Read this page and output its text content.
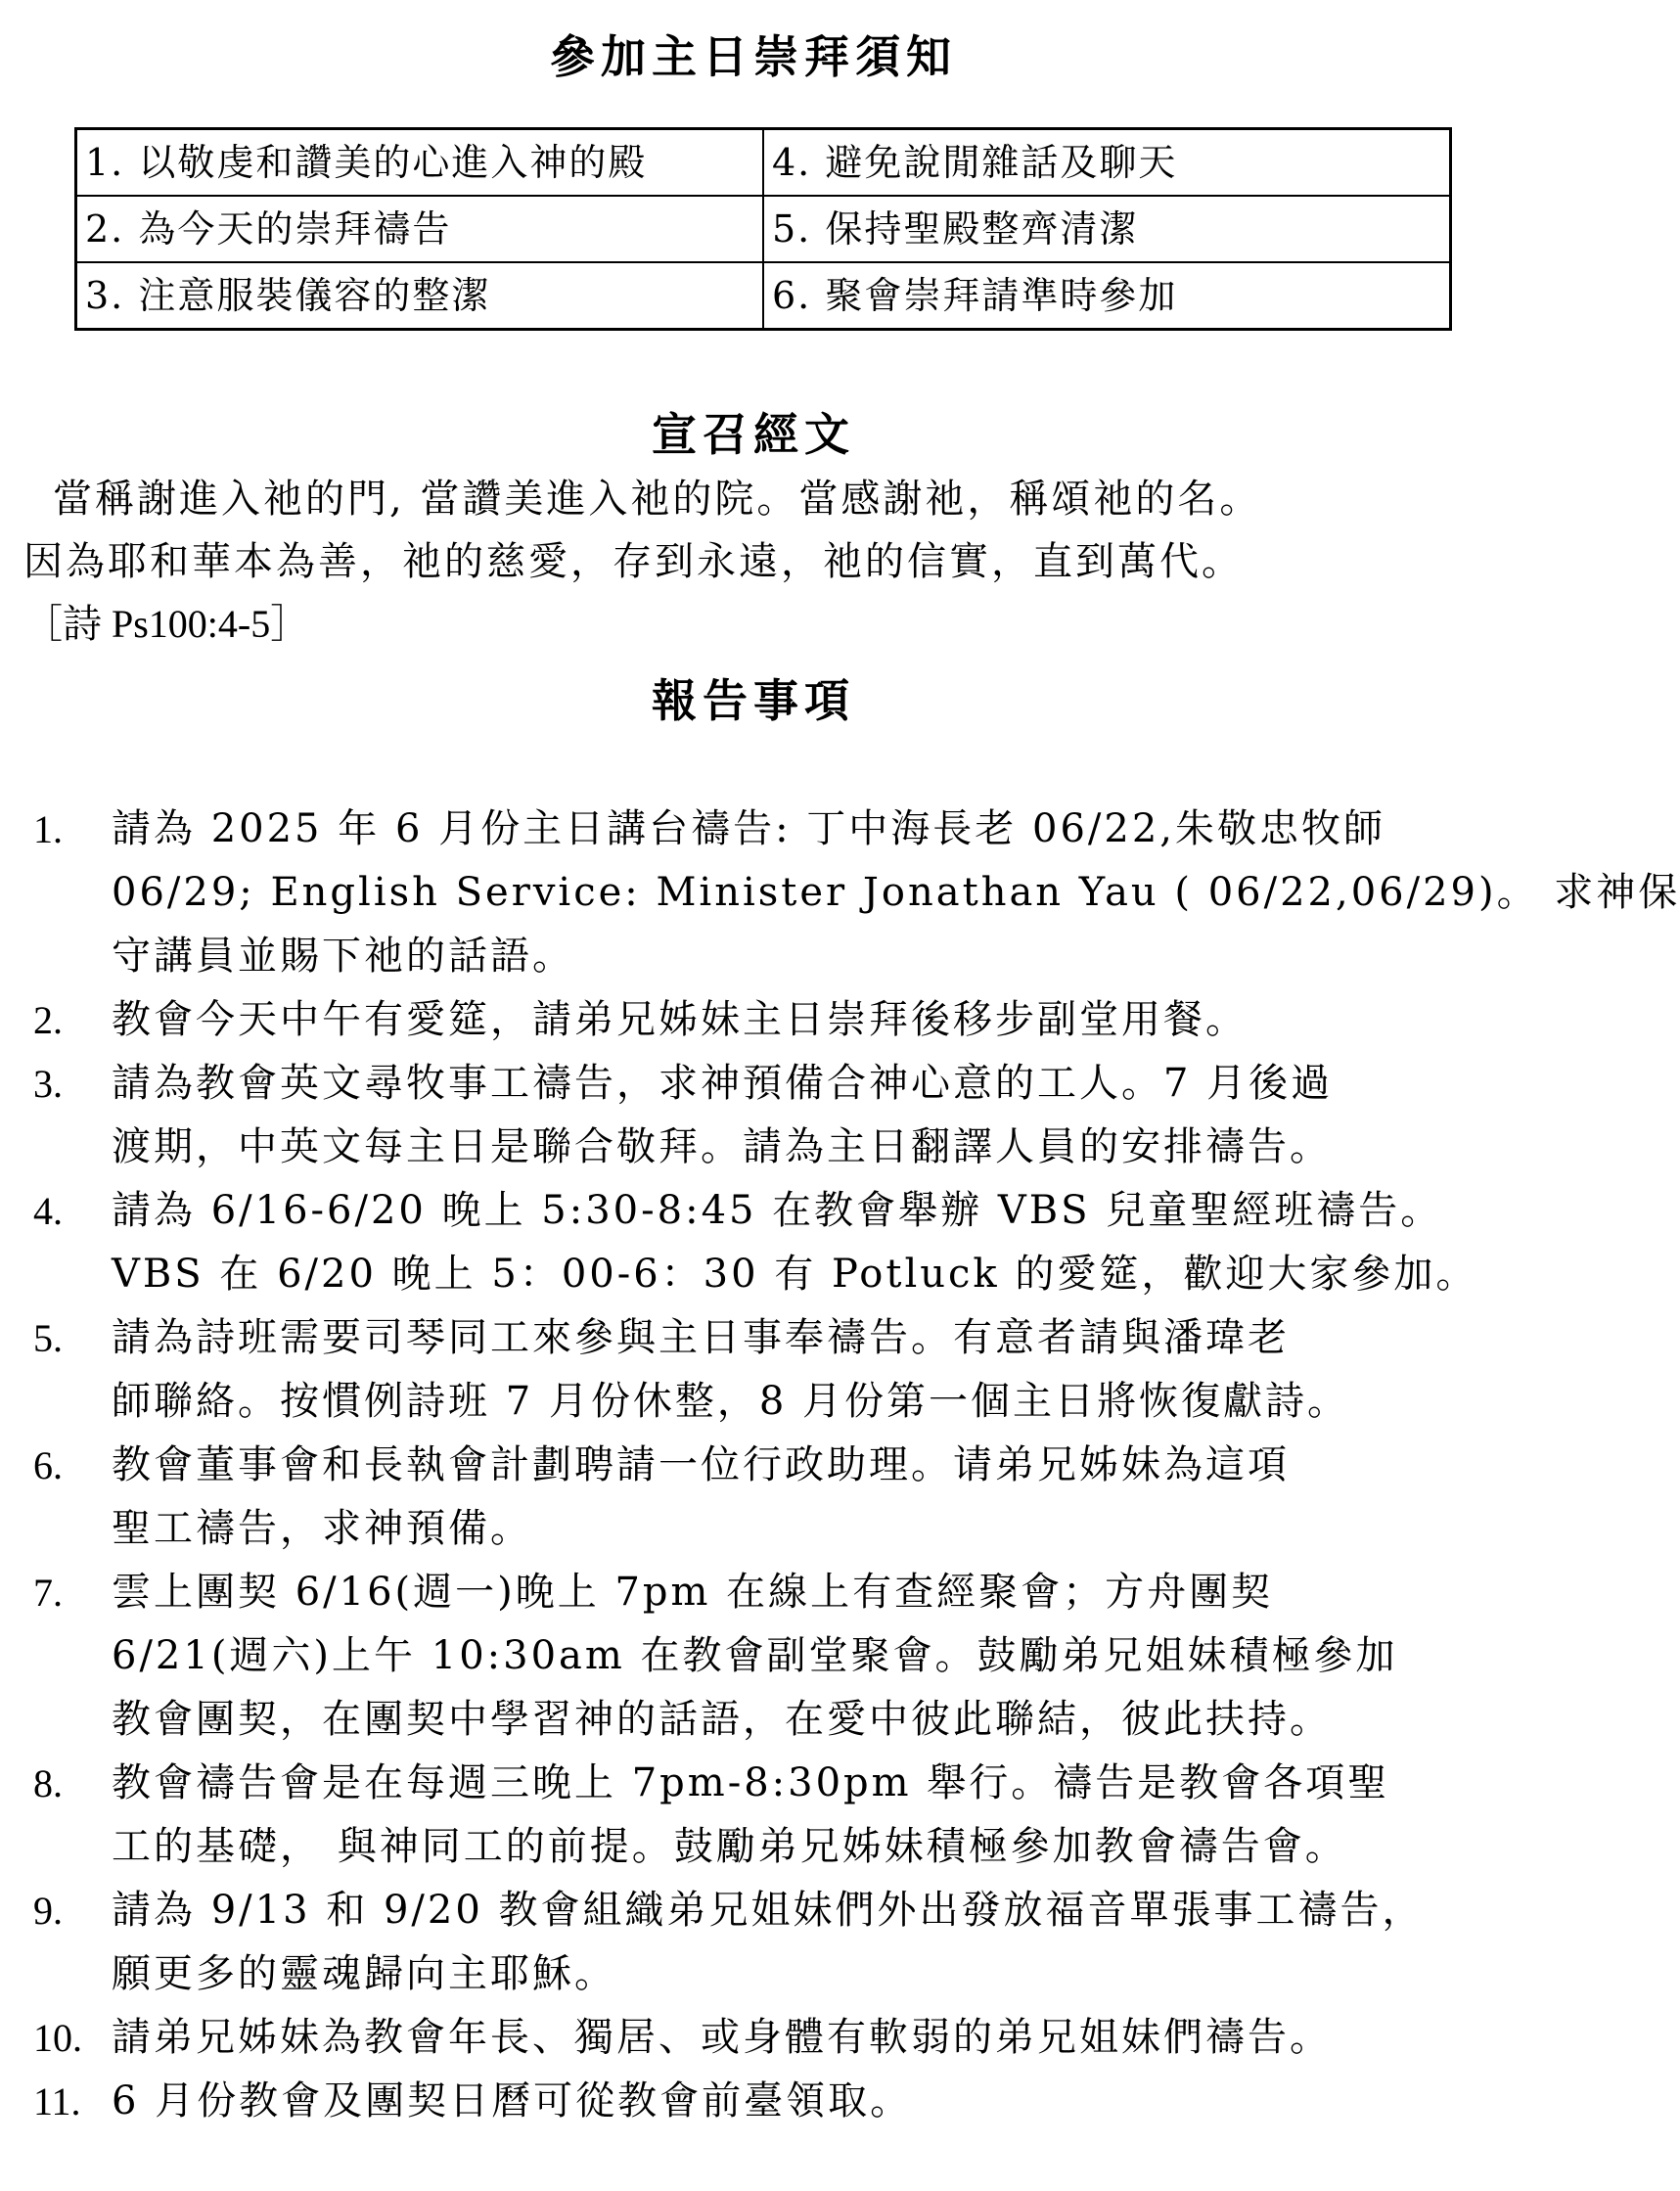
參加主日崇拜須知
1. 以敬虔和讚美的心進入神的殿	4. 避免說閒雜話及聊天
2. 為今天的崇拜禱告	5. 保持聖殿整齊清潔
3. 注意服裝儀容的整潔	6. 聚會崇拜請準時參加
宣召經文

當稱謝進入祂的門, 當讚美進入祂的院。當感謝祂，稱頌祂的名。

因為耶和華本為善，祂的慈愛，存到永遠，祂的信實，直到萬代。

［詩 Ps100:4-5］

報告事項
1. 請為 2025 年 6 月份主日講台禱告: 丁中海長老 06/22,朱敬忠牧師
06/29; English Service: Minister Jonathan Yau ( 06/22,06/29)。 求神保
守講員並賜下祂的話語。
2. 教會今天中午有愛筵，請弟兄姊妹主日崇拜後移步副堂用餐。
3. 請為教會英文尋牧事工禱告，求神預備合神心意的工人。7 月後過
渡期，中英文每主日是聯合敬拜。請為主日翻譯人員的安排禱告。
4. 請為 6/16-6/20 晚上 5:30-8:45 在教會舉辦 VBS 兒童聖經班禱告。
VBS 在 6/20 晚上 5：00-6：30 有 Potluck 的愛筵，歡迎大家參加。
5. 請為詩班需要司琴同工來參與主日事奉禱告。有意者請與潘瑋老
師聯絡。按慣例詩班 7 月份休整，8 月份第一個主日將恢復獻詩。
6. 教會董事會和長執會計劃聘請一位行政助理。请弟兄姊妹為這項
聖工禱告，求神預備。
7. 雲上團契 6/16(週一)晚上 7pm 在線上有查經聚會；方舟團契
6/21(週六)上午 10:30am 在教會副堂聚會。鼓勵弟兄姐妹積極參加
教會團契，在團契中學習神的話語，在愛中彼此聯結，彼此扶持。
8. 教會禱告會是在每週三晚上 7pm-8:30pm 舉行。禱告是教會各項聖
工的基礎， 與神同工的前提。鼓勵弟兄姊妹積極參加教會禱告會。
9. 請為 9/13 和 9/20 教會組織弟兄姐妹們外出發放福音單張事工禱告，
願更多的靈魂歸向主耶穌。
10. 請弟兄姊妹為教會年長、獨居、或身體有軟弱的弟兄姐妹們禱告。
11. 6 月份教會及團契日曆可從教會前臺領取。
